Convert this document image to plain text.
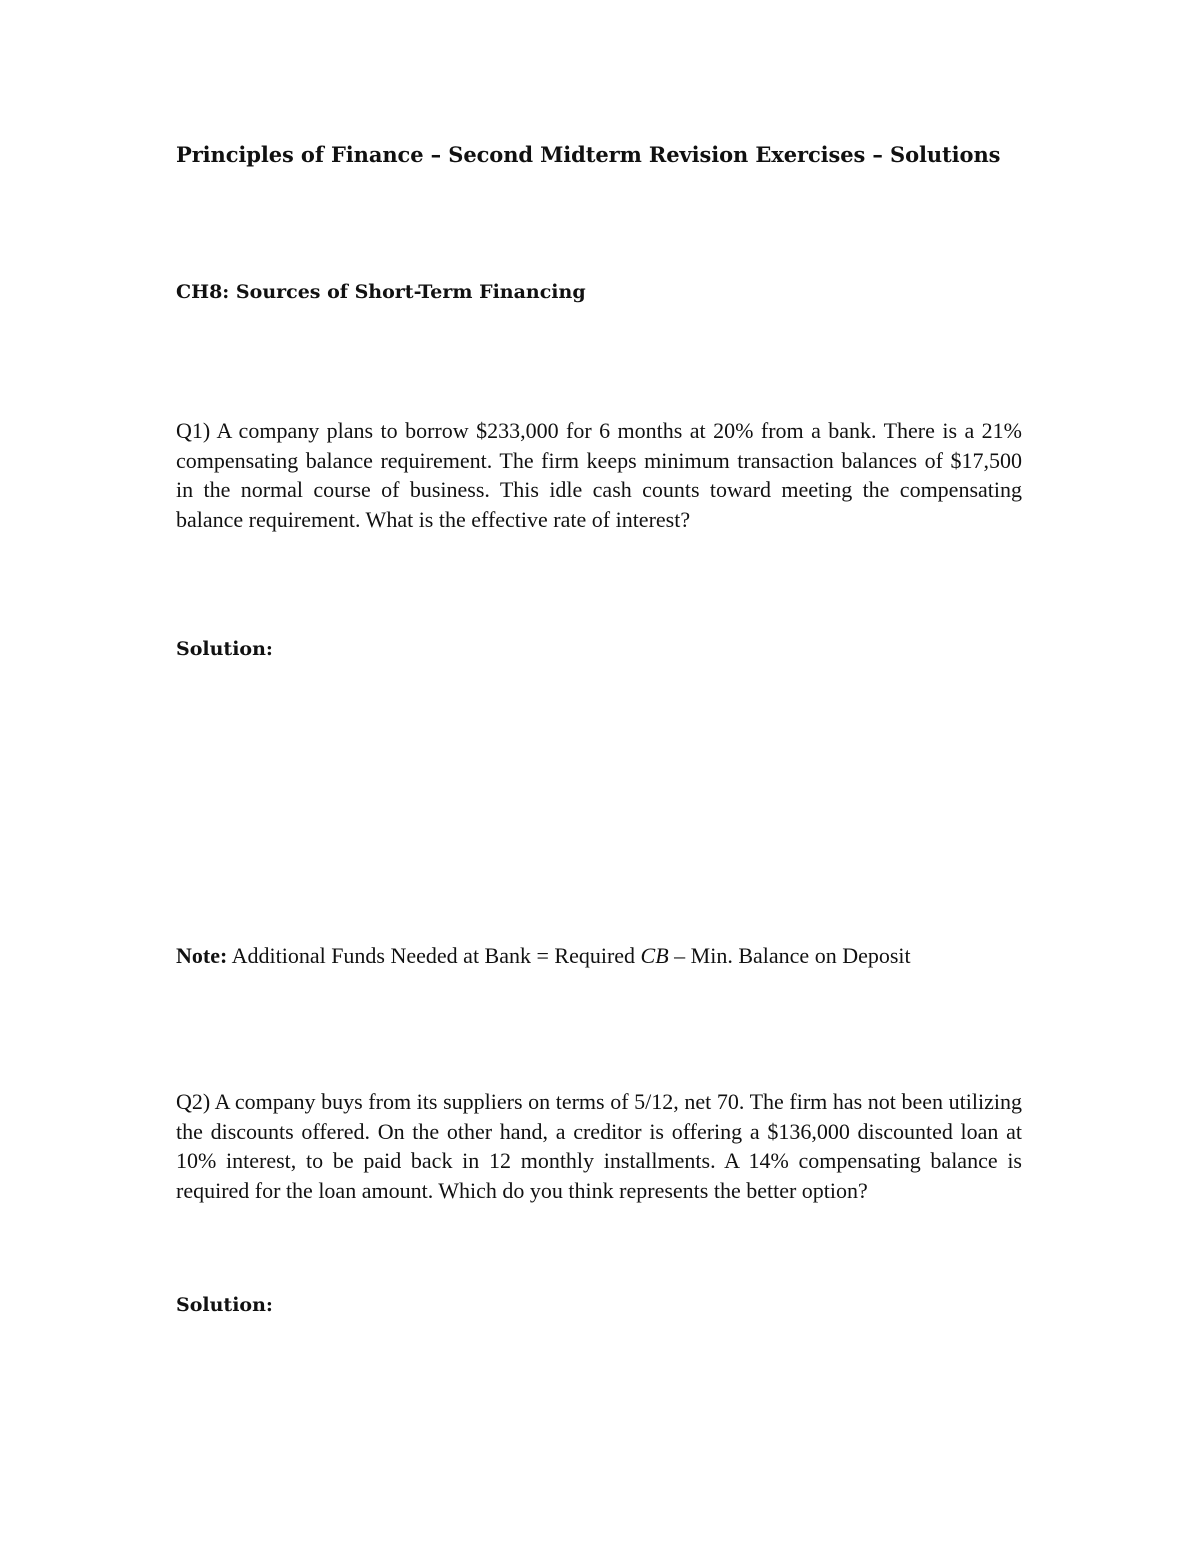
Principles of Finance – Second Midterm Revision Exercises – Solutions
CH8: Sources of Short-Term Financing

Q1) A company plans to borrow $233,000 for 6 months at 20% from a bank. There is a 21% compensating balance requirement. The firm keeps minimum transaction balances of $17,500 in the normal course of business. This idle cash counts toward meeting the compensating balance requirement. What is the effective rate of interest?

Solution:
Note: Additional Funds Needed at Bank = Required CB – Min. Balance on Deposit

Q2) A company buys from its suppliers on terms of 5/12, net 70. The firm has not been utilizing the discounts offered. On the other hand, a creditor is offering a $136,000 discounted loan at 10% interest, to be paid back in 12 monthly installments. A 14% compensating balance is required for the loan amount. Which do you think represents the better option?

Solution:
